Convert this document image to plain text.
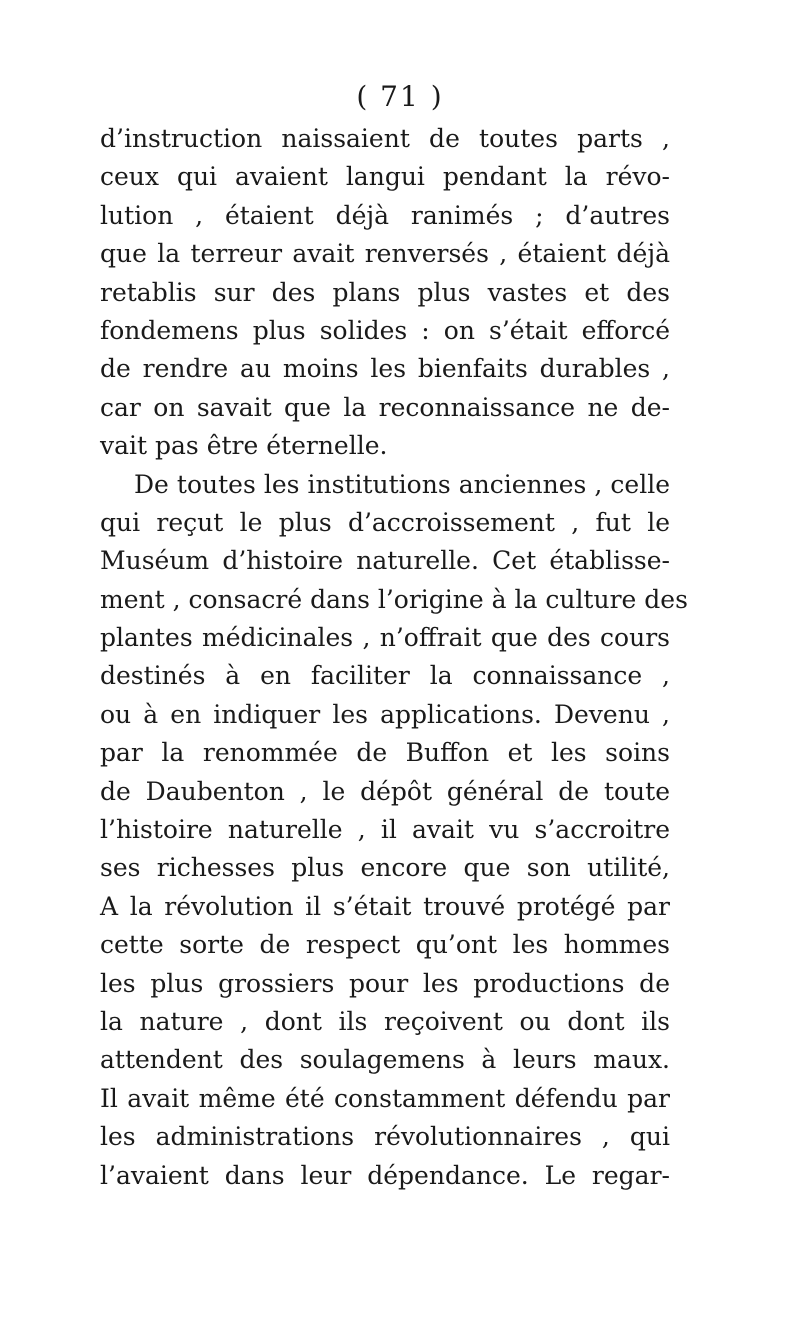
( 71 )
d’instruction naissaient de toutes parts ,
ceux qui avaient langui pendant la révo-
lution , étaient déjà ranimés ; d’autres
que la terreur avait renversés , étaient déjà
retablis sur des plans plus vastes et des
fondemens plus solides : on s’était efforcé
de rendre au moins les bienfaits durables ,
car on savait que la reconnaissance ne de-
vait pas être éternelle.
De toutes les institutions anciennes , celle
qui reçut le plus d’accroissement , fut le
Muséum d’histoire naturelle. Cet établisse-
ment , consacré dans l’origine à la culture des
plantes médicinales , n’offrait que des cours
destinés à en faciliter la connaissance ,
ou à en indiquer les applications. Devenu ,
par la renommée de Buffon et les soins
de Daubenton , le dépôt général de toute
l’histoire naturelle , il avait vu s’accroitre
ses richesses plus encore que son utilité,
A la révolution il s’était trouvé protégé par
cette sorte de respect qu’ont les hommes
les plus grossiers pour les productions de
la nature , dont ils reçoivent ou dont ils
attendent des soulagemens à leurs maux.
Il avait même été constamment défendu par
les administrations révolutionnaires , qui
l’avaient dans leur dépendance. Le regar-
